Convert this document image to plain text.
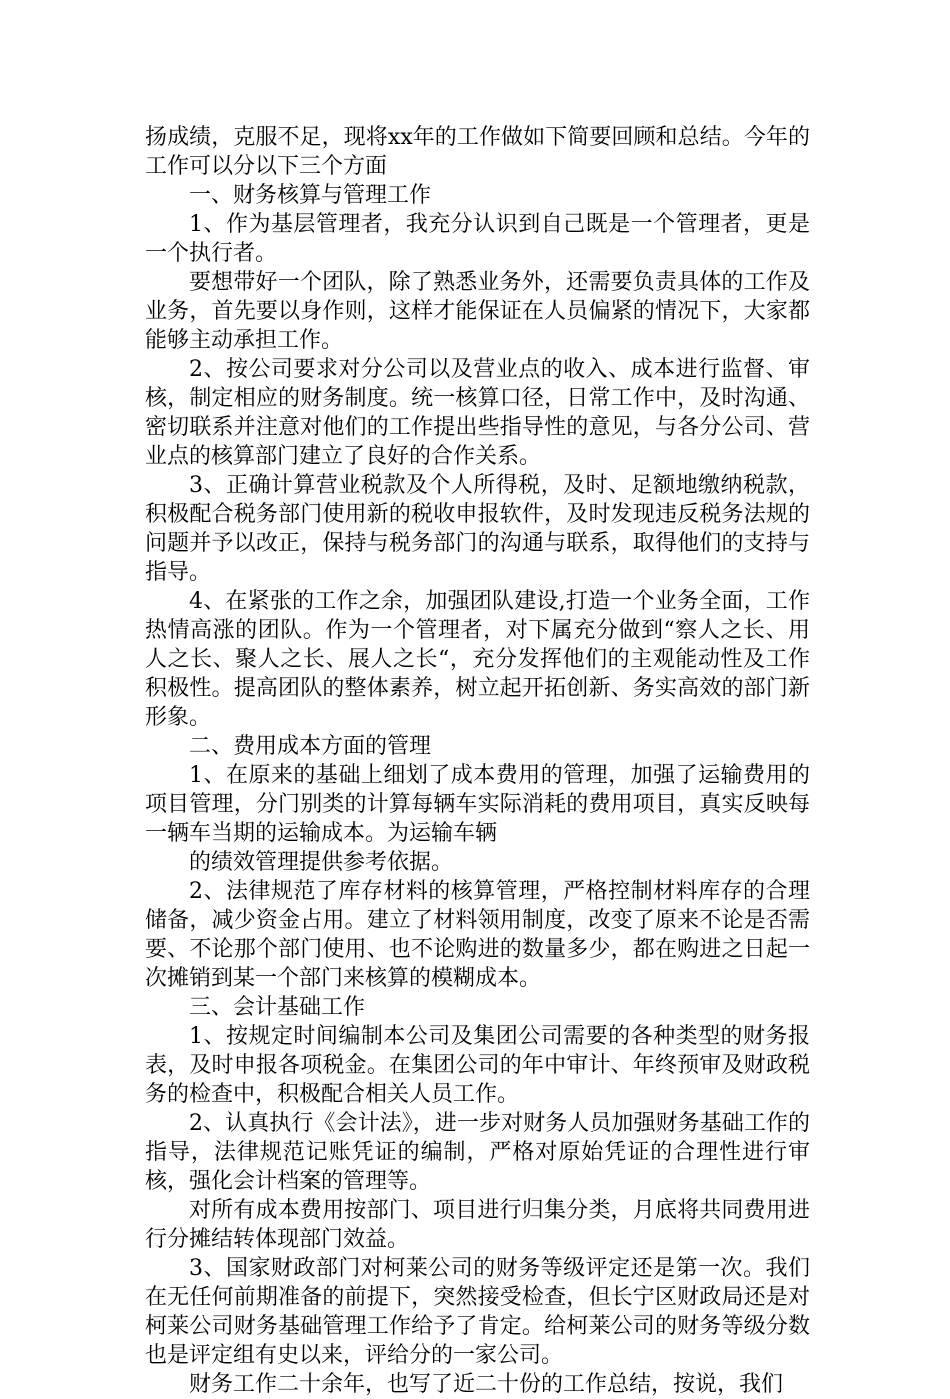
扬成绩，克服不足，现将xx年的工作做如下简要回顾和总结。今年的工作可以分以下三个方面

一、财务核算与管理工作

1、作为基层管理者，我充分认识到自己既是一个管理者，更是一个执行者。

要想带好一个团队，除了熟悉业务外，还需要负责具体的工作及业务，首先要以身作则，这样才能保证在人员偏紧的情况下，大家都能够主动承担工作。

2、按公司要求对分公司以及营业点的收入、成本进行监督、审核，制定相应的财务制度。统一核算口径，日常工作中，及时沟通、密切联系并注意对他们的工作提出些指导性的意见，与各分公司、营业点的核算部门建立了良好的合作关系。

3、正确计算营业税款及个人所得税，及时、足额地缴纳税款，积极配合税务部门使用新的税收申报软件，及时发现违反税务法规的问题并予以改正，保持与税务部门的沟通与联系，取得他们的支持与指导。

4、在紧张的工作之余，加强团队建设,打造一个业务全面，工作热情高涨的团队。作为一个管理者，对下属充分做到“察人之长、用人之长、聚人之长、展人之长“，充分发挥他们的主观能动性及工作积极性。提高团队的整体素养，树立起开拓创新、务实高效的部门新形象。

二、费用成本方面的管理

1、在原来的基础上细划了成本费用的管理，加强了运输费用的项目管理，分门别类的计算每辆车实际消耗的费用项目，真实反映每一辆车当期的运输成本。为运输车辆

的绩效管理提供参考依据。

2、法律规范了库存材料的核算管理，严格控制材料库存的合理储备，减少资金占用。建立了材料领用制度，改变了原来不论是否需要、不论那个部门使用、也不论购进的数量多少，都在购进之日起一次摊销到某一个部门来核算的模糊成本。

三、会计基础工作

1、按规定时间编制本公司及集团公司需要的各种类型的财务报表，及时申报各项税金。在集团公司的年中审计、年终预审及财政税务的检查中，积极配合相关人员工作。

2、认真执行《会计法》，进一步对财务人员加强财务基础工作的指导，法律规范记账凭证的编制，严格对原始凭证的合理性进行审核，强化会计档案的管理等。

对所有成本费用按部门、项目进行归集分类，月底将共同费用进行分摊结转体现部门效益。

3、国家财政部门对柯莱公司的财务等级评定还是第一次。我们在无任何前期准备的前提下，突然接受检查，但长宁区财政局还是对柯莱公司财务基础管理工作给予了肯定。给柯莱公司的财务等级分数也是评定组有史以来，评给分的一家公司。

财务工作二十余年，也写了近二十份的工作总结，按说，我们
